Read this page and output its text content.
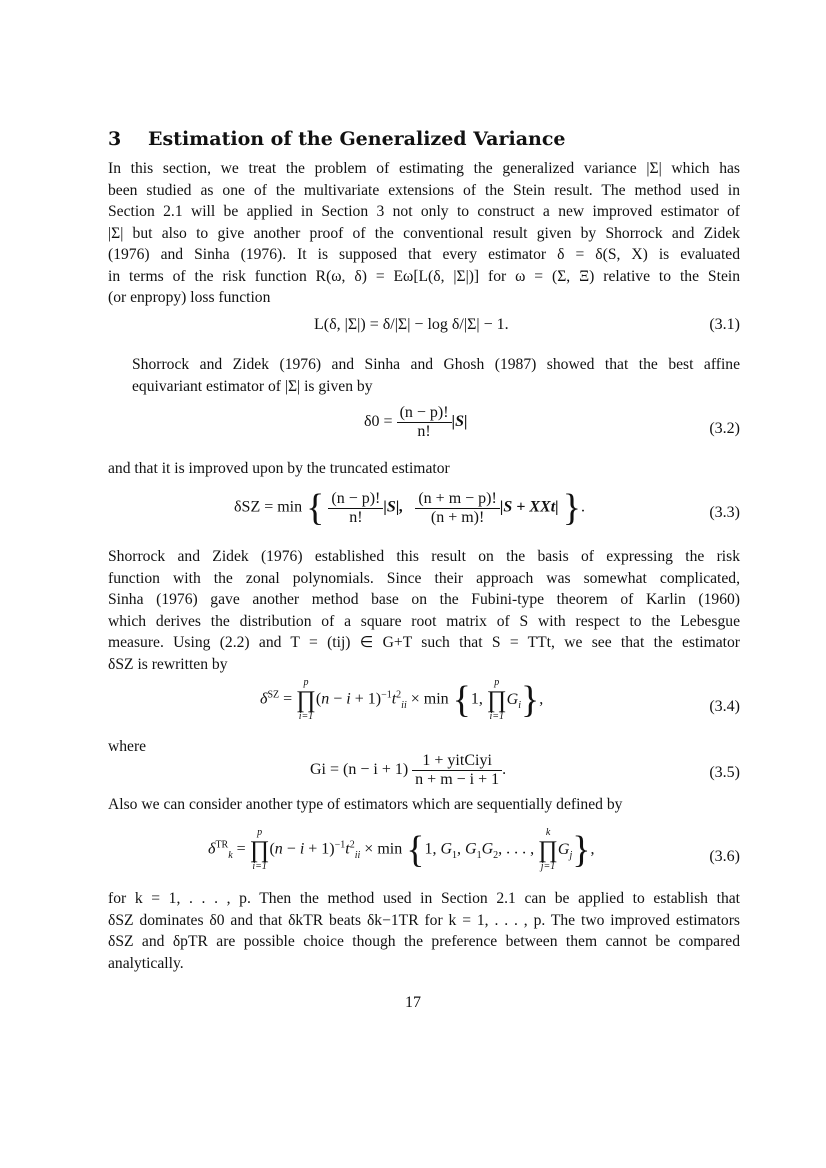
3 Estimation of the Generalized Variance
In this section, we treat the problem of estimating the generalized variance |Σ| which has
been studied as one of the multivariate extensions of the Stein result. The method used in
Section 2.1 will be applied in Section 3 not only to construct a new improved estimator of
|Σ| but also to give another proof of the conventional result given by Shorrock and Zidek
(1976) and Sinha (1976). It is supposed that every estimator δ = δ(S, X) is evaluated
in terms of the risk function R(ω, δ) = Eω[L(δ, |Σ|)] for ω = (Σ, Ξ) relative to the Stein
(or enpropy) loss function
L(δ, |Σ|) = δ/|Σ| − log δ/|Σ| − 1.	(3.1)
Shorrock and Zidek (1976) and Sinha and Ghosh (1987) showed that the best affine
equivariant estimator of |Σ| is given by
$\delta 0 = \frac{(n - p)!}{n!} |S|$	(3.2)
and that it is improved upon by the truncated estimator
δSZ = min { $\frac{(n - p)!}{n!} |S|$, $\frac{(n + m - p)!}{(n + m)!} |S + XXt|$ }.	(3.3)
Shorrock and Zidek (1976) established this result on the basis of expressing the risk
function with the zonal polynomials. Since their approach was somewhat complicated,
Sinha (1976) gave another method base on the Fubini-type theorem of Karlin (1960)
which derives the distribution of a square root matrix of S with respect to the Lebesgue
measure. Using (2.2) and T = (tij) ∈ G+T such that S = TTt, we see that the estimator
δSZ is rewritten by
$\delta^{SZ}$ =
p
∏
i=1
$(n - i + 1)^{-1}t^2_{ii} \times \min \{1$,
p
∏
i=1
$G_i$},	(3.4)
where
$Gi = (n - i + 1) \frac{\text{1 + yitCiyi}}{n + m - i + 1}$ .	(3.5)
Also we can consider another type of estimators which are sequentially defined by
$\delta^{TR}_k$ =
p
∏
i=1
$(n - i + 1)^{-1}t^2_{ii} \times \min \{1$, $G_1$, $G_1G_2$, . . . ,
k
∏
j=1
$G_j$},	(3.6)
for k = 1, . . . , p. Then the method used in Section 2.1 can be applied to establish that
δSZ dominates δ0 and that δkTR beats δk−1TR for k = 1, . . . , p. The two improved estimators
δSZ and δpTR are possible choice though the preference between them cannot be compared
analytically.
17
